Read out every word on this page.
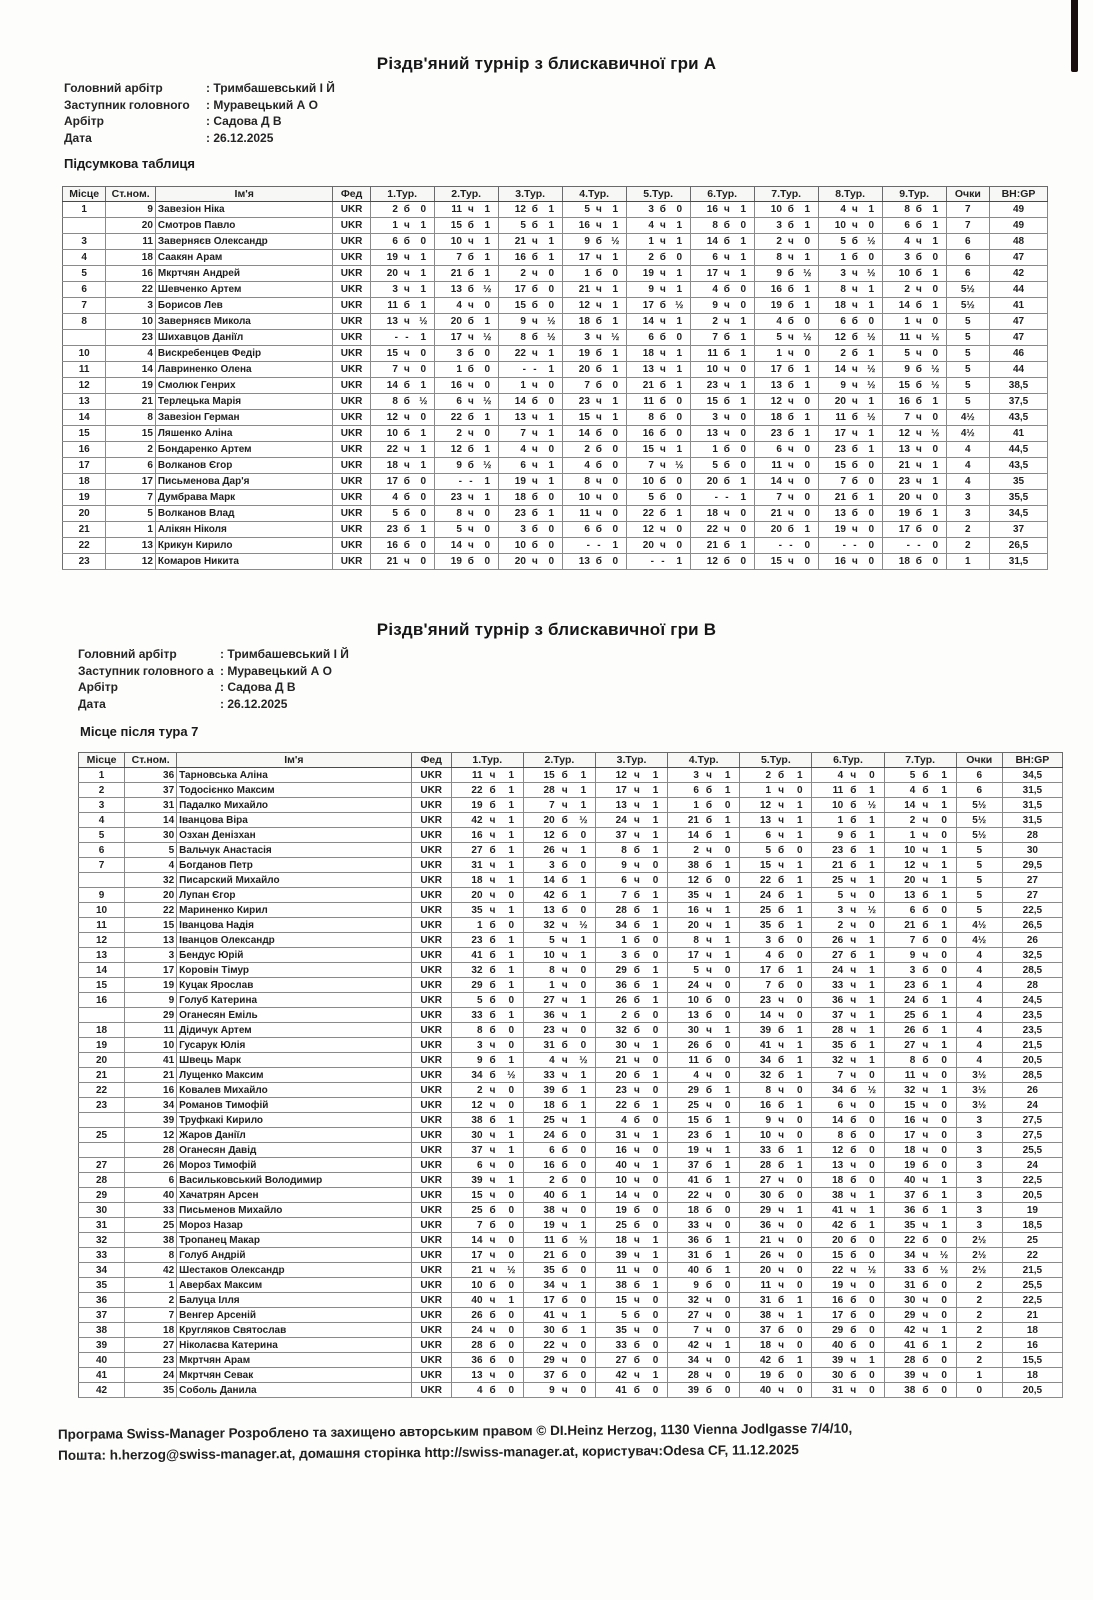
Різдв'яний турнір з блискавичної гри А
Головний арбітр	: Тримбашевський І Й
Заступник головного : Муравецький А О
Арбітр	: Садова Д В
Дата	: 26.12.2025
Підсумкова таблиця
Місце	Ст.ном.	Ім'я	Фед	1.Тур.	2.Тур.	3.Тур.	4.Тур.	5.Тур.	6.Тур.	7.Тур.	8.Тур.	9.Тур.	Очки	BH:GP
1	9	Завезіон Ніка	UKR	2 б 0	11 ч 1	12 б 1	5 ч 1	3 б 0	16 ч 1	10 б 1	4 ч 1	8 б 1	7	49
	20	Смотров Павло	UKR	1 ч 1	15 б 1	5 б 1	16 ч 1	4 ч 1	8 б 0	3 б 1	10 ч 0	6 б 1	7	49
3	11	Заверняєв Олександр	UKR	6 б 0	10 ч 1	21 ч 1	9 б ½	1 ч 1	14 б 1	2 ч 0	5 б ½	4 ч 1	6	48
4	18	Саакян Арам	UKR	19 ч 1	7 б 1	16 б 1	17 ч 1	2 б 0	6 ч 1	8 ч 1	1 б 0	3 б 0	6	47
5	16	Мкртчян Андрей	UKR	20 ч 1	21 б 1	2 ч 0	1 б 0	19 ч 1	17 ч 1	9 б ½	3 ч ½	10 б 1	6	42
6	22	Шевченко Артем	UKR	3 ч 1	13 б ½	17 б 0	21 ч 1	9 ч 1	4 б 0	16 б 1	8 ч 1	2 ч 0	5½	44
7	3	Борисов Лев	UKR	11 б 1	4 ч 0	15 б 0	12 ч 1	17 б ½	9 ч 0	19 б 1	18 ч 1	14 б 1	5½	41
8	10	Заверняєв Микола	UKR	13 ч ½	20 б 1	9 ч ½	18 б 1	14 ч 1	2 ч 1	4 б 0	6 б 0	1 ч 0	5	47
	23	Шихавцов Даніїл	UKR	- - 1	17 ч ½	8 б ½	3 ч ½	6 б 0	7 б 1	5 ч ½	12 б ½	11 ч ½	5	47
10	4	Вискребенцев Федір	UKR	15 ч 0	3 б 0	22 ч 1	19 б 1	18 ч 1	11 б 1	1 ч 0	2 б 1	5 ч 0	5	46
11	14	Лавриненко Олена	UKR	7 ч 0	1 б 0	- - 1	20 б 1	13 ч 1	10 ч 0	17 б 1	14 ч ½	9 б ½	5	44
12	19	Смолюк Генрих	UKR	14 б 1	16 ч 0	1 ч 0	7 б 0	21 б 1	23 ч 1	13 б 1	9 ч ½	15 б ½	5	38,5
13	21	Терлецька Марія	UKR	8 б ½	6 ч ½	14 б 0	23 ч 1	11 б 0	15 б 1	12 ч 0	20 ч 1	16 б 1	5	37,5
14	8	Завезіон Герман	UKR	12 ч 0	22 б 1	13 ч 1	15 ч 1	8 б 0	3 ч 0	18 б 1	11 б ½	7 ч 0	4½	43,5
15	15	Ляшенко Аліна	UKR	10 б 1	2 ч 0	7 ч 1	14 б 0	16 б 0	13 ч 0	23 б 1	17 ч 1	12 ч ½	4½	41
16	2	Бондаренко Артем	UKR	22 ч 1	12 б 1	4 ч 0	2 б 0	15 ч 1	1 б 0	6 ч 0	23 б 1	13 ч 0	4	44,5
17	6	Волканов Єгор	UKR	18 ч 1	9 б ½	6 ч 1	4 б 0	7 ч ½	5 б 0	11 ч 0	15 б 0	21 ч 1	4	43,5
18	17	Письменова Дар'я	UKR	17 б 0	- - 1	19 ч 1	8 ч 0	10 б 0	20 б 1	14 ч 0	7 б 0	23 ч 1	4	35
19	7	Думбрава Марк	UKR	4 б 0	23 ч 1	18 б 0	10 ч 0	5 б 0	- - 1	7 ч 0	21 б 1	20 ч 0	3	35,5
20	5	Волканов Влад	UKR	5 б 0	8 ч 0	23 б 1	11 ч 0	22 б 1	18 ч 0	21 ч 0	13 б 0	19 б 1	3	34,5
21	1	Алікян Ніколя	UKR	23 б 1	5 ч 0	3 б 0	6 б 0	12 ч 0	22 ч 0	20 б 1	19 ч 0	17 б 0	2	37
22	13	Крикун Кирило	UKR	16 б 0	14 ч 0	10 б 0	- - 1	20 ч 0	21 б 1	- - 0	- - 0	- - 0	2	26,5
23	12	Комаров Никита	UKR	21 ч 0	19 б 0	20 ч 0	13 б 0	- - 1	12 б 0	15 ч 0	16 ч 0	18 б 0	1	31,5
Різдв'яний турнір з блискавичної гри В
Головний арбітр	: Тримбашевський І Й
Заступник головного а : Муравецький А О
Арбітр	: Садова Д В
Дата	: 26.12.2025
Місце після тура 7
Місце	Ст.ном.	Ім'я	Фед	1.Тур.	2.Тур.	3.Тур.	4.Тур.	5.Тур.	6.Тур.	7.Тур.	Очки	BH:GP
1	36	Тарновська Аліна	UKR	11 ч 1	15 б 1	12 ч 1	3 ч 1	2 б 1	4 ч 0	5 б 1	6	34,5
2	37	Тодосієнко Максим	UKR	22 б 1	28 ч 1	17 ч 1	6 б 1	1 ч 0	11 б 1	4 б 1	6	31,5
3	31	Падалко Михайло	UKR	19 б 1	7 ч 1	13 ч 1	1 б 0	12 ч 1	10 б ½	14 ч 1	5½	31,5
4	14	Іванцова Віра	UKR	42 ч 1	20 б ½	24 ч 1	21 б 1	13 ч 1	1 б 1	2 ч 0	5½	31,5
5	30	Озхан Денізхан	UKR	16 ч 1	12 б 0	37 ч 1	14 б 1	6 ч 1	9 б 1	1 ч 0	5½	28
6	5	Вальчук Анастасія	UKR	27 б 1	26 ч 1	8 б 1	2 ч 0	5 б 0	23 б 1	10 ч 1	5	30
7	4	Богданов Петр	UKR	31 ч 1	3 б 0	9 ч 0	38 б 1	15 ч 1	21 б 1	12 ч 1	5	29,5
	32	Писарский Михайло	UKR	18 ч 1	14 б 1	6 ч 0	12 б 0	22 б 1	25 ч 1	20 ч 1	5	27
9	20	Лупан Єгор	UKR	20 ч 0	42 б 1	7 б 1	35 ч 1	24 б 1	5 ч 0	13 б 1	5	27
10	22	Мариненко Кирил	UKR	35 ч 1	13 б 0	28 б 1	16 ч 1	25 б 1	3 ч ½	6 б 0	5	22,5
11	15	Іванцова Надія	UKR	1 б 0	32 ч ½	34 б 1	20 ч 1	35 б 1	2 ч 0	21 б 1	4½	26,5
12	13	Іванцов Олександр	UKR	23 б 1	5 ч 1	1 б 0	8 ч 1	3 б 0	26 ч 1	7 б 0	4½	26
13	3	Бендус Юрій	UKR	41 б 1	10 ч 1	3 б 0	17 ч 1	4 б 0	27 б 1	9 ч 0	4	32,5
14	17	Коровін Тімур	UKR	32 б 1	8 ч 0	29 б 1	5 ч 0	17 б 1	24 ч 1	3 б 0	4	28,5
15	19	Куцак Ярослав	UKR	29 б 1	1 ч 0	36 б 1	24 ч 0	7 б 0	33 ч 1	23 б 1	4	28
16	9	Голуб Катерина	UKR	5 б 0	27 ч 1	26 б 1	10 б 0	23 ч 0	36 ч 1	24 б 1	4	24,5
	29	Оганесян Еміль	UKR	33 б 1	36 ч 1	2 б 0	13 б 0	14 ч 0	37 ч 1	25 б 1	4	23,5
18	11	Дідичук Артем	UKR	8 б 0	23 ч 0	32 б 0	30 ч 1	39 б 1	28 ч 1	26 б 1	4	23,5
19	10	Гусарук Юлія	UKR	3 ч 0	31 б 0	30 ч 1	26 б 0	41 ч 1	35 б 1	27 ч 1	4	21,5
20	41	Швець Марк	UKR	9 б 1	4 ч ½	21 ч 0	11 б 0	34 б 1	32 ч 1	8 б 0	4	20,5
21	21	Лущенко Максим	UKR	34 б ½	33 ч 1	20 б 1	4 ч 0	32 б 1	7 ч 0	11 ч 0	3½	28,5
22	16	Ковалев Михайло	UKR	2 ч 0	39 б 1	23 ч 0	29 б 1	8 ч 0	34 б ½	32 ч 1	3½	26
23	34	Романов Тимофій	UKR	12 ч 0	18 б 1	22 б 1	25 ч 0	16 б 1	6 ч 0	15 ч 0	3½	24
	39	Труфкакі Кирило	UKR	38 б 1	25 ч 1	4 б 0	15 б 1	9 ч 0	14 б 0	16 ч 0	3	27,5
25	12	Жаров Даніїл	UKR	30 ч 1	24 б 0	31 ч 1	23 б 1	10 ч 0	8 б 0	17 ч 0	3	27,5
	28	Оганесян Давід	UKR	37 ч 1	6 б 0	16 ч 0	19 ч 1	33 б 1	12 б 0	18 ч 0	3	25,5
27	26	Мороз Тимофій	UKR	6 ч 0	16 б 0	40 ч 1	37 б 1	28 б 1	13 ч 0	19 б 0	3	24
28	6	Васильковський Володимир	UKR	39 ч 1	2 б 0	10 ч 0	41 б 1	27 ч 0	18 б 0	40 ч 1	3	22,5
29	40	Хачатрян Арсен	UKR	15 ч 0	40 б 1	14 ч 0	22 ч 0	30 б 0	38 ч 1	37 б 1	3	20,5
30	33	Письменов Михайло	UKR	25 б 0	38 ч 0	19 б 0	18 б 0	29 ч 1	41 ч 1	36 б 1	3	19
31	25	Мороз Назар	UKR	7 б 0	19 ч 1	25 б 0	33 ч 0	36 ч 0	42 б 1	35 ч 1	3	18,5
32	38	Тропанец Макар	UKR	14 ч 0	11 б ½	18 ч 1	36 б 1	21 ч 0	20 б 0	22 б 0	2½	25
33	8	Голуб Андрій	UKR	17 ч 0	21 б 0	39 ч 1	31 б 1	26 ч 0	15 б 0	34 ч ½	2½	22
34	42	Шестаков Олександр	UKR	21 ч ½	35 б 0	11 ч 0	40 б 1	20 ч 0	22 ч ½	33 б ½	2½	21,5
35	1	Авербах Максим	UKR	10 б 0	34 ч 1	38 б 1	9 б 0	11 ч 0	19 ч 0	31 б 0	2	25,5
36	2	Балуца Ілля	UKR	40 ч 1	17 б 0	15 ч 0	32 ч 0	31 б 1	16 б 0	30 ч 0	2	22,5
37	7	Венгер Арсеній	UKR	26 б 0	41 ч 1	5 б 0	27 ч 0	38 ч 1	17 б 0	29 ч 0	2	21
38	18	Кругляков Святослав	UKR	24 ч 0	30 б 1	35 ч 0	7 ч 0	37 б 0	29 б 0	42 ч 1	2	18
39	27	Ніколаєва Катерина	UKR	28 б 0	22 ч 0	33 б 0	42 ч 1	18 ч 0	40 б 0	41 б 1	2	16
40	23	Мкртчян Арам	UKR	36 б 0	29 ч 0	27 б 0	34 ч 0	42 б 1	39 ч 1	28 б 0	2	15,5
41	24	Мкртчян Севак	UKR	13 ч 0	37 б 0	42 ч 1	28 ч 0	19 б 0	30 б 0	39 ч 0	1	18
42	35	Соболь Данила	UKR	4 б 0	9 ч 0	41 б 0	39 б 0	40 ч 0	31 ч 0	38 б 0	0	20,5
Програма Swiss-Manager Розроблено та захищено авторським правом © DI.Heinz Herzog, 1130 Vienna Jodlgasse 7/4/10,
Пошта: h.herzog@swiss-manager.at, домашня сторінка http://swiss-manager.at, користувач:Odesa CF, 11.12.2025
